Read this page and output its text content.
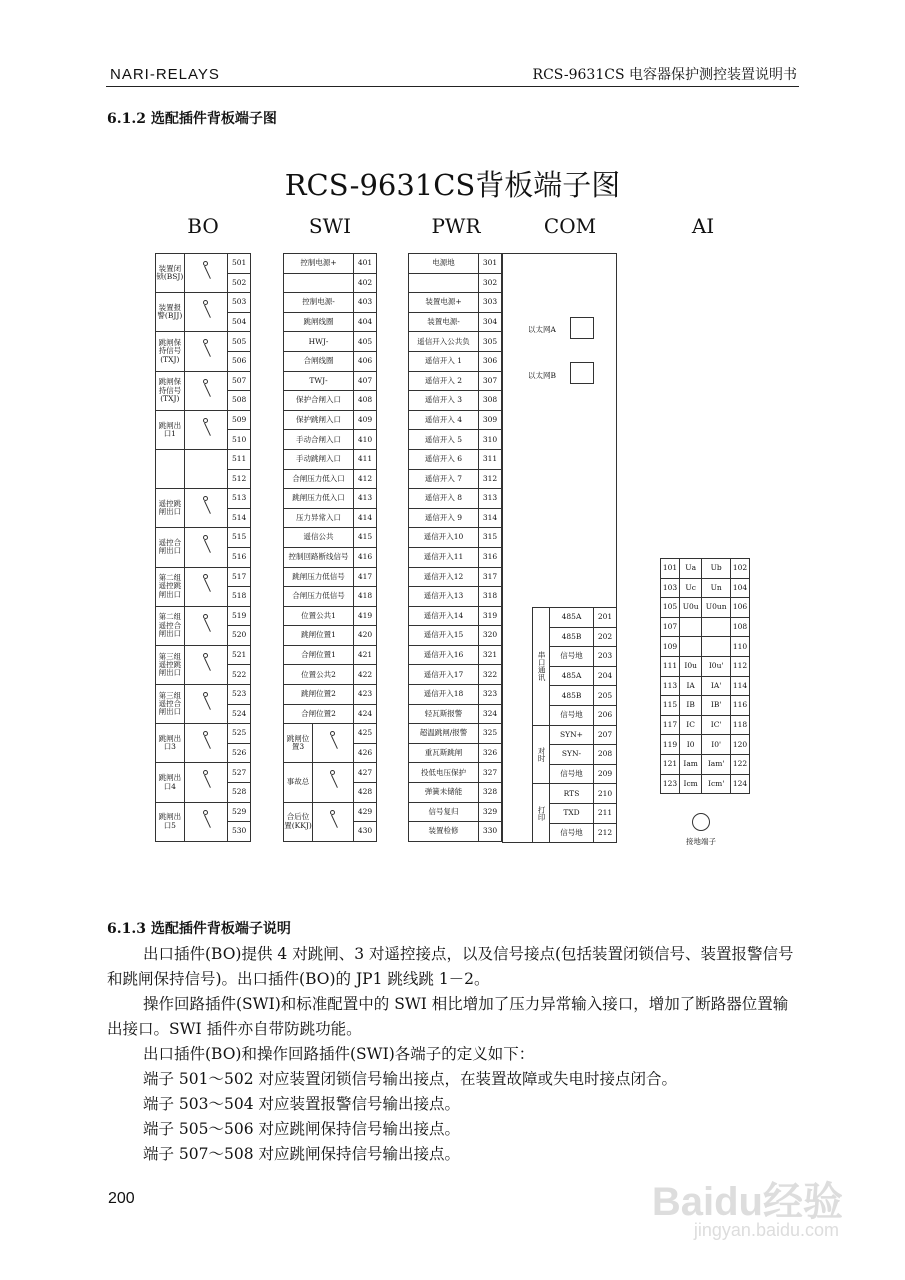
NARI-RELAYS	RCS-9631CS 电容器保护测控装置说明书
6.1.2 选配插件背板端子图
RCS-9631CS背板端子图
BO	SWI	PWR	COM	AI
装置闭锁(BSJ)		501
		502
装置报警(BJJ)		503
		504
跳闸保持信号(TXJ)		505
		506
跳闸保持信号(TXJ)		507
		508
跳闸出口1		509
		510
		511
		512
遥控跳闸出口		513
		514
遥控合闸出口		515
		516
第二组遥控跳闸出口		517
		518
第二组遥控合闸出口		519
		520
第三组遥控跳闸出口		521
		522
第三组遥控合闸出口		523
		524
跳闸出口3		525
		526
跳闸出口4		527
		528
跳闸出口5		529
		530
控制电源+		401
		402
控制电源-		403
跳闸线圈		404
HWJ-		405
合闸线圈		406
TWJ-		407
保护合闸入口		408
保护跳闸入口		409
手动合闸入口		410
手动跳闸入口		411
合闸压力低入口		412
跳闸压力低入口		413
压力异常入口		414
遥信公共		415
控制回路断线信号		416
跳闸压力低信号		417
合闸压力低信号		418
位置公共1		419
跳闸位置1		420
合闸位置1		421
位置公共2		422
跳闸位置2		423
合闸位置2		424
跳闸位置3		425
		426
事故总		427
		428
合后位置(KKJ)		429
		430
电源地	301
	302
装置电源+	303
装置电源-	304
遥信开入公共负	305
遥信开入 1	306
遥信开入 2	307
遥信开入 3	308
遥信开入 4	309
遥信开入 5	310
遥信开入 6	311
遥信开入 7	312
遥信开入 8	313
遥信开入 9	314
遥信开入10	315
遥信开入11	316
遥信开入12	317
遥信开入13	318
遥信开入14	319
遥信开入15	320
遥信开入16	321
遥信开入17	322
遥信开入18	323
轻瓦斯报警	324
超温跳闸/报警	325
重瓦斯跳闸	326
投低电压保护	327
弹簧未储能	328
信号复归	329
装置检修	330
以太网A
以太网B
串口通讯	485A	201
	485B	202
	信号地	203
	485A	204
	485B	205
	信号地	206
对时	SYN+	207
	SYN-	208
	信号地	209
打印	RTS	210
	TXD	211
	信号地	212
101	Ua	Ub	102
103	Uc	Un	104
105	U0u	U0un	106
107			108
109			110
111	I0u	I0u'	112
113	IA	IA'	114
115	IB	IB'	116
117	IC	IC'	118
119	I0	I0'	120
121	Iam	Iam'	122
123	Icm	Icm'	124
接地端子
6.1.3 选配插件背板端子说明
出口插件(BO)提供 4 对跳闸、3 对遥控接点，以及信号接点(包括装置闭锁信号、装置报警信号和跳闸保持信号)。出口插件(BO)的 JP1 跳线跳 1－2。
操作回路插件(SWI)和标准配置中的 SWI 相比增加了压力异常输入接口，增加了断路器位置输出接口。SWI 插件亦自带防跳功能。
出口插件(BO)和操作回路插件(SWI)各端子的定义如下：
端子 501～502 对应装置闭锁信号输出接点，在装置故障或失电时接点闭合。
端子 503～504 对应装置报警信号输出接点。
端子 505～506 对应跳闸保持信号输出接点。
端子 507～508 对应跳闸保持信号输出接点。
200	Baidu经验
jingyan.baidu.com
